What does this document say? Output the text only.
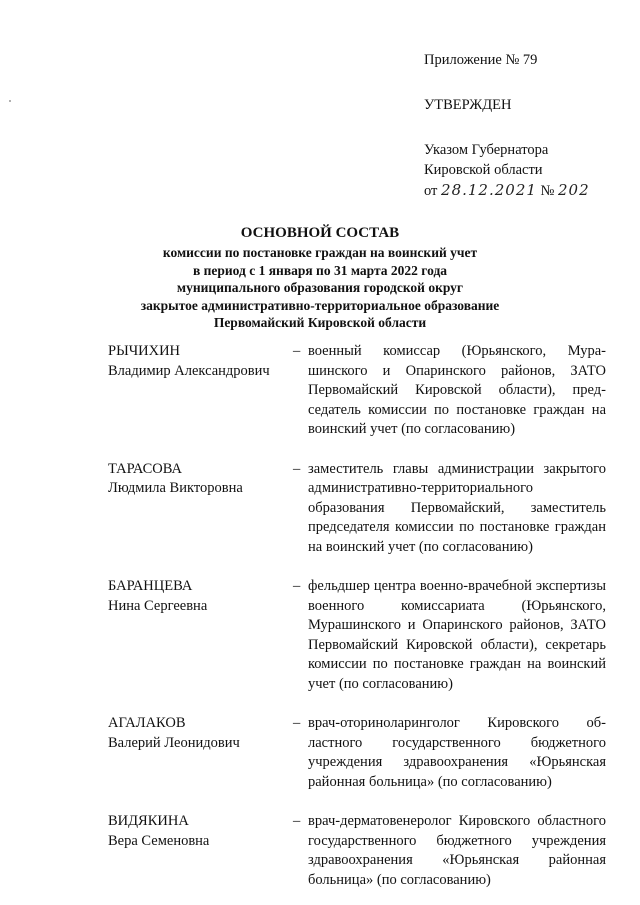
Приложение № 79
УТВЕРЖДЕН
Указом Губернатора
Кировской области
от 28.12.2021 № 202
ОСНОВНОЙ СОСТАВ
комиссии по постановке граждан на воинский учет
в период с 1 января по 31 марта 2022 года
муниципального образования городской округ
закрытое административно-территориальное образование
Первомайский Кировской области
РЫЧИХИН
Владимир Александрович
– военный комиссар (Юрьянского, Мурашинского и Опаринского районов, ЗАТО Первомайский Кировской области), председатель комиссии по постановке граждан на воинский учет (по согласованию)
ТАРАСОВА
Людмила Викторовна
– заместитель главы администрации закрытого административно-территориального образования Первомайский, заместитель председателя комиссии по постановке граждан на воинский учет (по согласованию)
БАРАНЦЕВА
Нина Сергеевна
– фельдшер центра военно-врачебной экспертизы военного комиссариата (Юрьянского, Мурашинского и Опаринского районов, ЗАТО Первомайский Кировской области), секретарь комиссии по постановке граждан на воинский учет (по согласованию)
АГАЛАКОВ
Валерий Леонидович
– врач-оториноларинголог Кировского областного государственного бюджетного учреждения здравоохранения «Юрьянская районная больница» (по согласованию)
ВИДЯКИНА
Вера Семеновна
– врач-дерматовенеролог Кировского областного государственного бюджетного учреждения здравоохранения «Юрьянская районная больница» (по согласованию)
